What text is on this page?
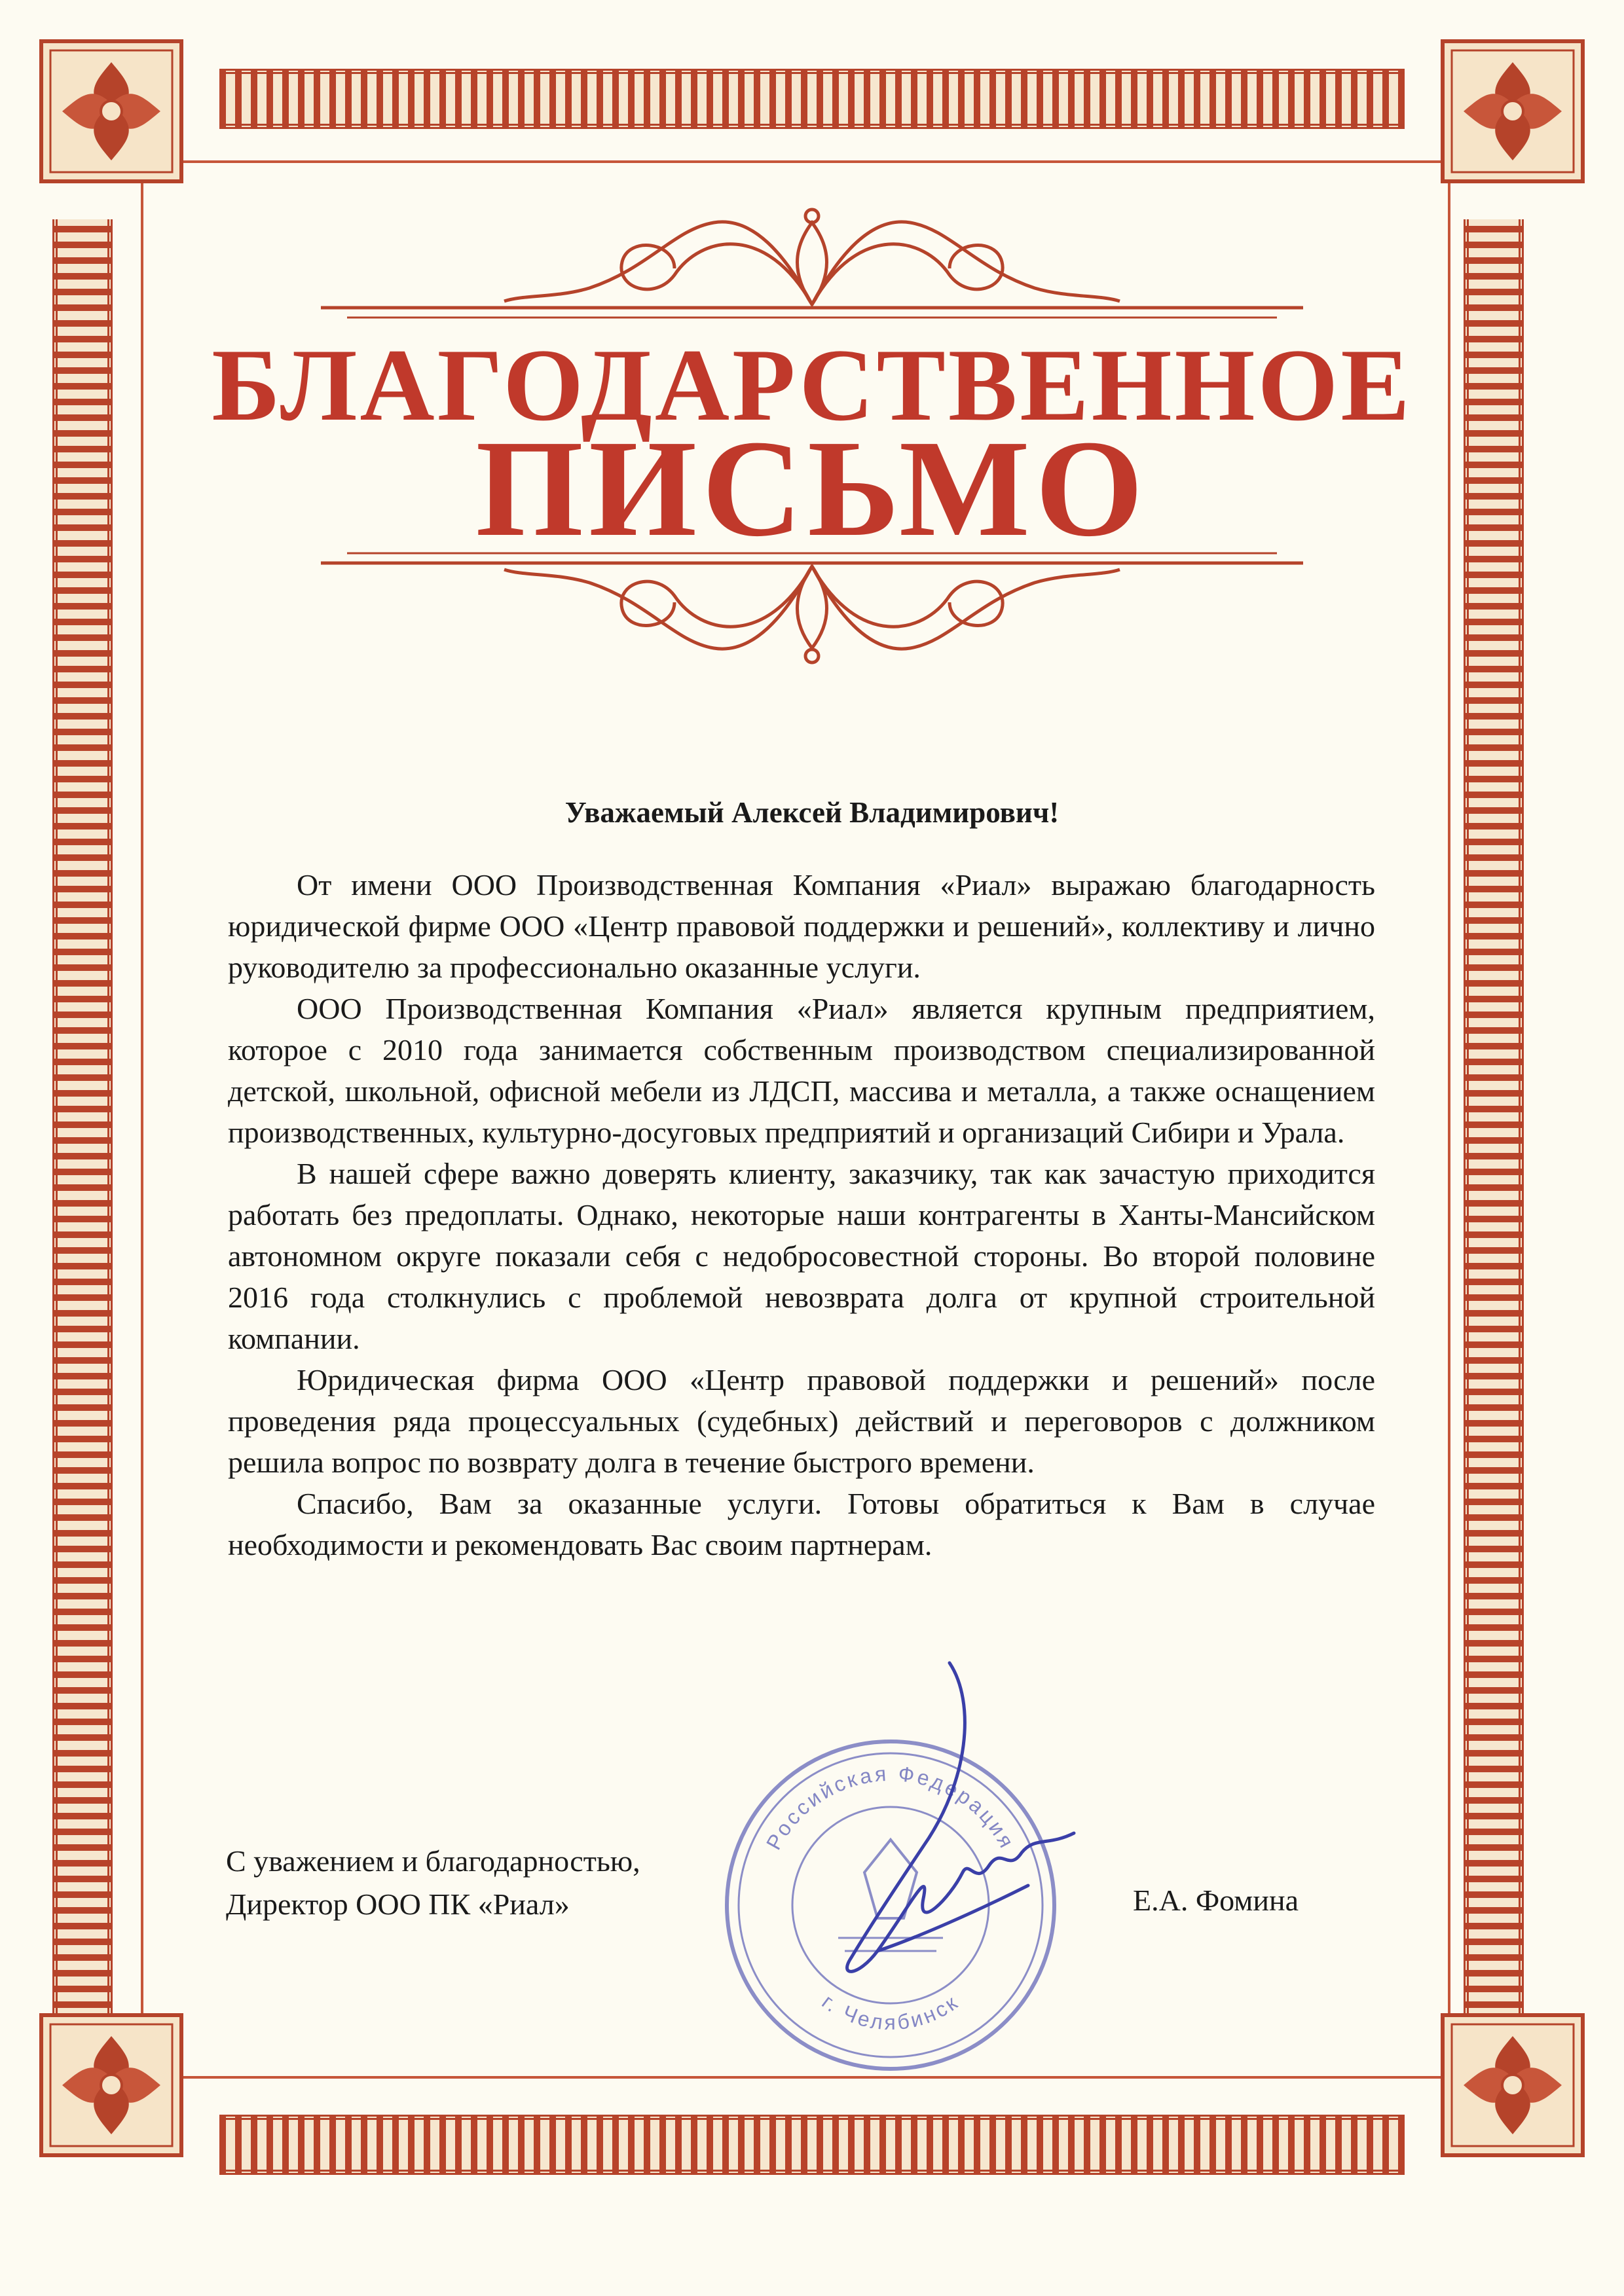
БЛАГОДАРСТВЕННОЕ
ПИСЬМО
Уважаемый Алексей Владимирович!

От имени ООО Производственная Компания «Риал» выражаю благодарность юридической фирме ООО «Центр правовой поддержки и решений», коллективу и лично руководителю за профессионально оказанные услуги.

ООО Производственная Компания «Риал» является крупным предприятием, которое с 2010 года занимается собственным производством специализированной детской, школьной, офисной мебели из ЛДСП, массива и металла, а также оснащением производственных, культурно-досуговых предприятий и организаций Сибири и Урала.

В нашей сфере важно доверять клиенту, заказчику, так как зачастую приходится работать без предоплаты. Однако, некоторые наши контрагенты в Ханты-Мансийском автономном округе показали себя с недобросовестной стороны. Во второй половине 2016 года столкнулись с проблемой невозврата долга от крупной строительной компании.

Юридическая фирма ООО «Центр правовой поддержки и решений» после проведения ряда процессуальных (судебных) действий и переговоров с должником решила вопрос по возврату долга в течение быстрого времени.

Спасибо, Вам за оказанные услуги. Готовы обратиться к Вам в случае необходимости и рекомендовать Вас своим партнерам.

Российская Федерация
г. Челябинск
С уважением и благодарностью,
Директор ООО ПК «Риал»	Е.А. Фомина
